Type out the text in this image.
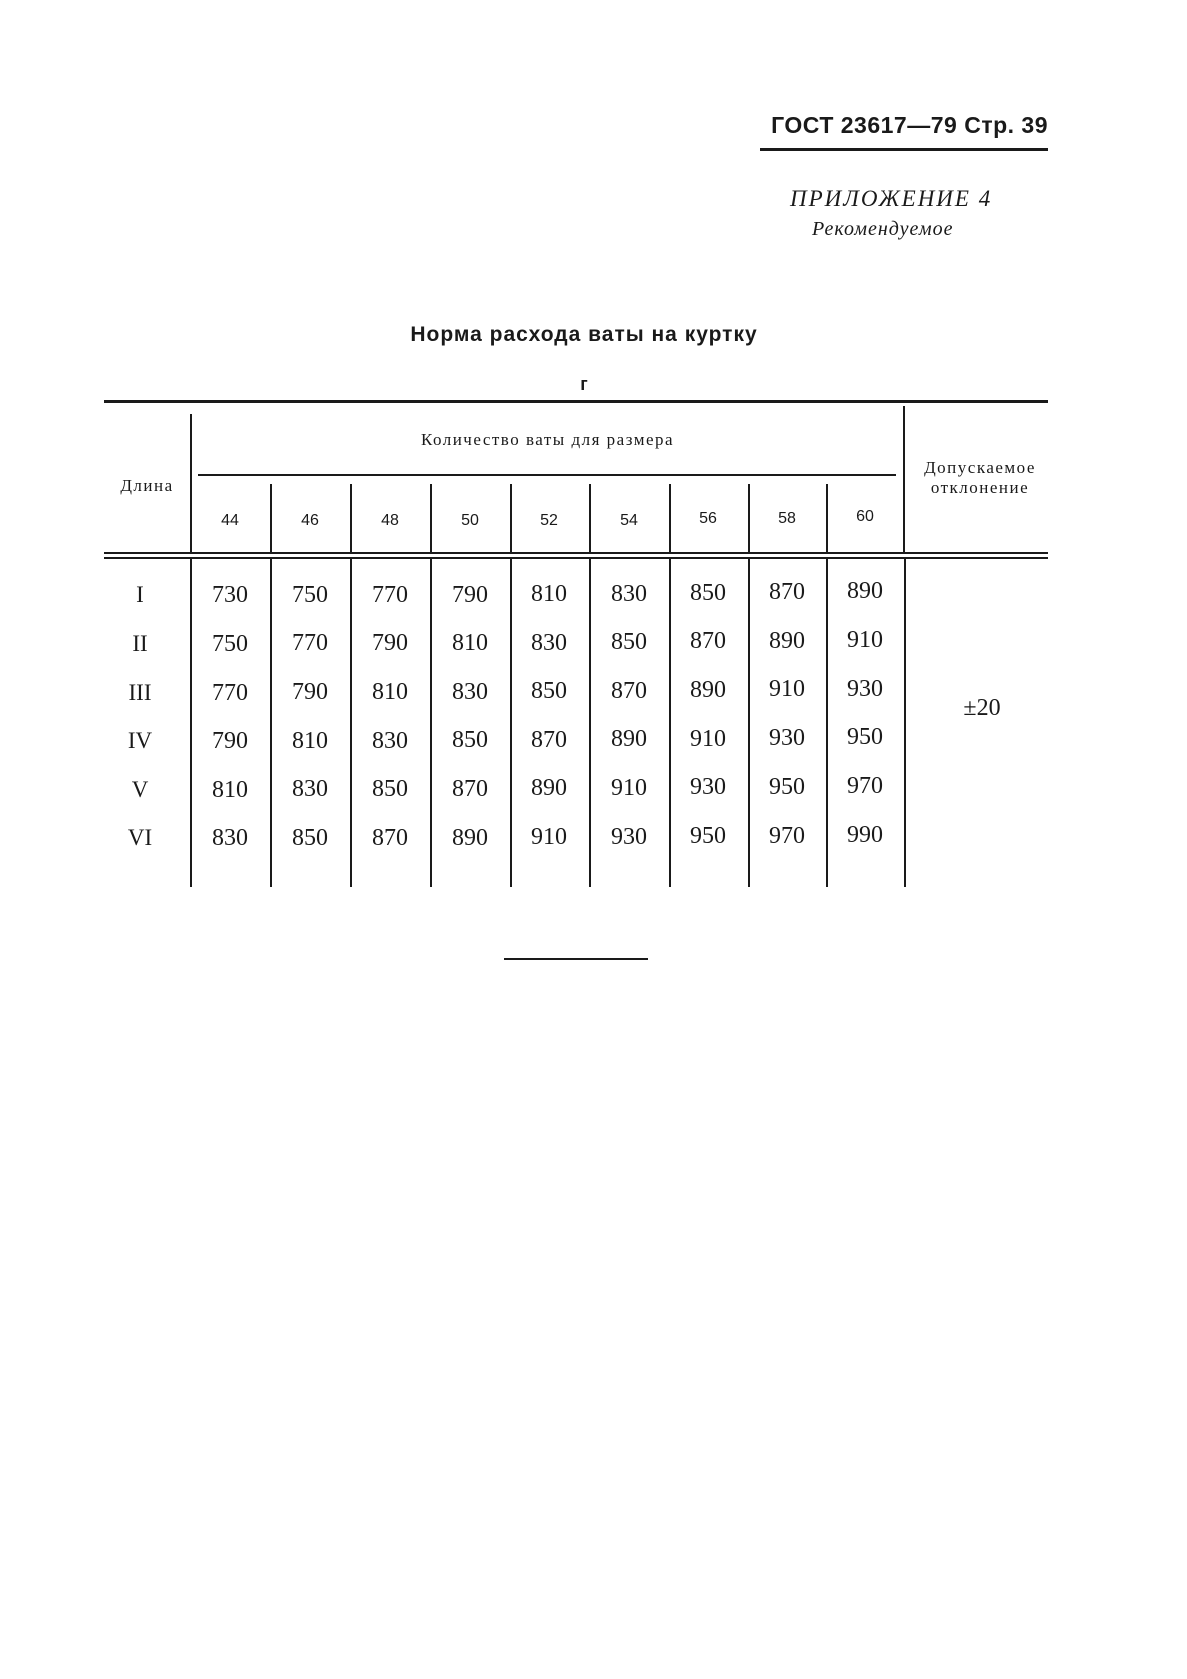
ГОСТ 23617—79 Стр. 39
ПРИЛОЖЕНИЕ 4
Рекомендуемое
Норма расхода ваты на куртку
г
Длина
Количество ваты для размера
Допускаемое
отклонение
44	46	48	50	52	54	56	58	60
I	730	750	770	790	810	830	850	870	890
II	750	770	790	810	830	850	870	890	910
III	770	790	810	830	850	870	890	910	930
IV	790	810	830	850	870	890	910	930	950
V	810	830	850	870	890	910	930	950	970
VI	830	850	870	890	910	930	950	970	990
±20
